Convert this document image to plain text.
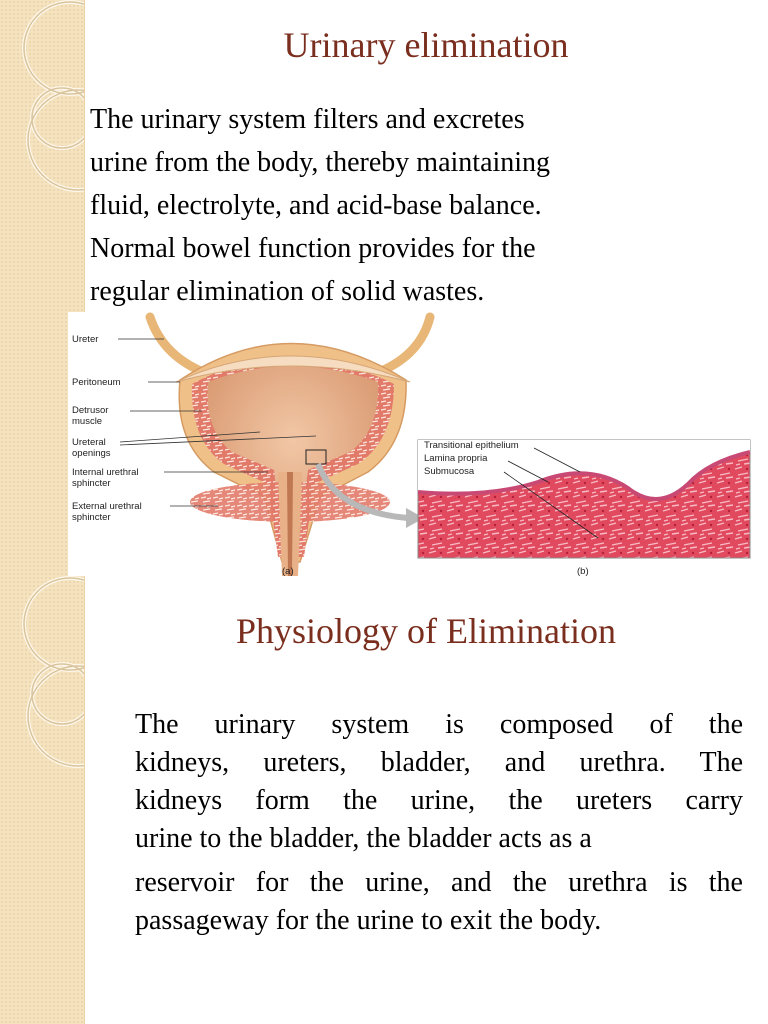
Urinary elimination

The urinary system filters and excretes
urine from the body, thereby maintaining
fluid, electrolyte, and acid-base balance.
Normal bowel function provides for the
regular elimination of solid wastes.

Ureter
Peritoneum
Detrusor
muscle
Ureteral
openings
Internal urethral
sphincter
External urethral
sphincter
(a)
Transitional epithelium
Lamina propria
Submucosa
(b)
Physiology of Elimination

The urinary system is composed of the
kidneys, ureters, bladder, and urethra. The
kidneys form the urine, the ureters carry
urine to the bladder, the bladder acts as a
reservoir for the urine, and the urethra is the
passageway for the urine to exit the body.
